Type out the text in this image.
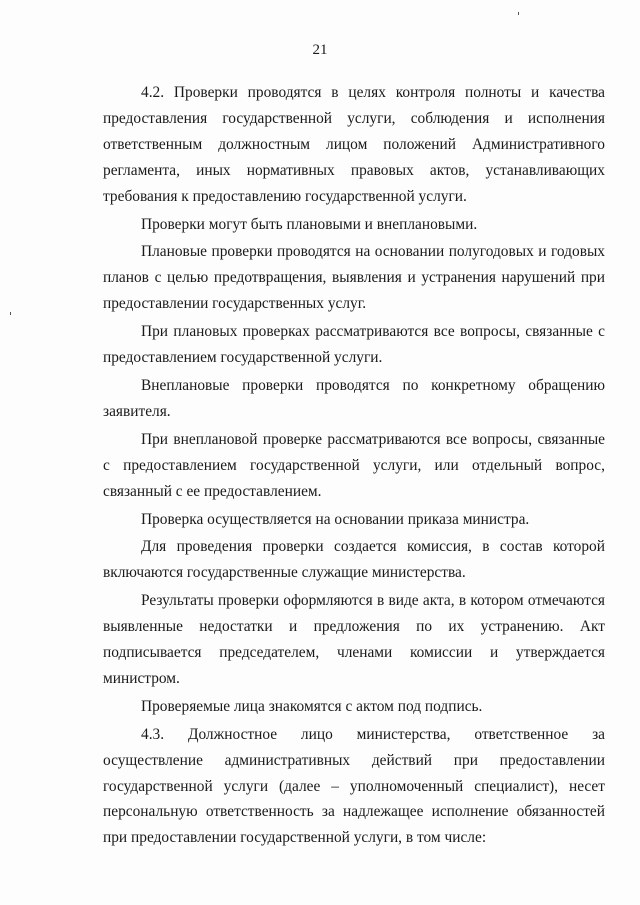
21

4.2. Проверки проводятся в целях контроля полноты и качества предоставления государственной услуги, соблюдения и исполнения ответственным должностным лицом положений Административного регламента, иных нормативных правовых актов, устанавливающих требования к предоставлению государственной услуги.

Проверки могут быть плановыми и внеплановыми.

Плановые проверки проводятся на основании полугодовых и годовых планов с целью предотвращения, выявления и устранения нарушений при предоставлении государственных услуг.

При плановых проверках рассматриваются все вопросы, связанные с предоставлением государственной услуги.

Внеплановые проверки проводятся по конкретному обращению заявителя.

При внеплановой проверке рассматриваются все вопросы, связанные с предоставлением государственной услуги, или отдельный вопрос, связанный с ее предоставлением.

Проверка осуществляется на основании приказа министра.

Для проведения проверки создается комиссия, в состав которой включаются государственные служащие министерства.

Результаты проверки оформляются в виде акта, в котором отмечаются выявленные недостатки и предложения по их устранению. Акт подписывается председателем, членами комиссии и утверждается министром.

Проверяемые лица знакомятся с актом под подпись.

4.3. Должностное лицо министерства, ответственное за осуществление административных действий при предоставлении государственной услуги (далее – уполномоченный специалист), несет персональную ответственность за надлежащее исполнение обязанностей при предоставлении государственной услуги, в том числе:
